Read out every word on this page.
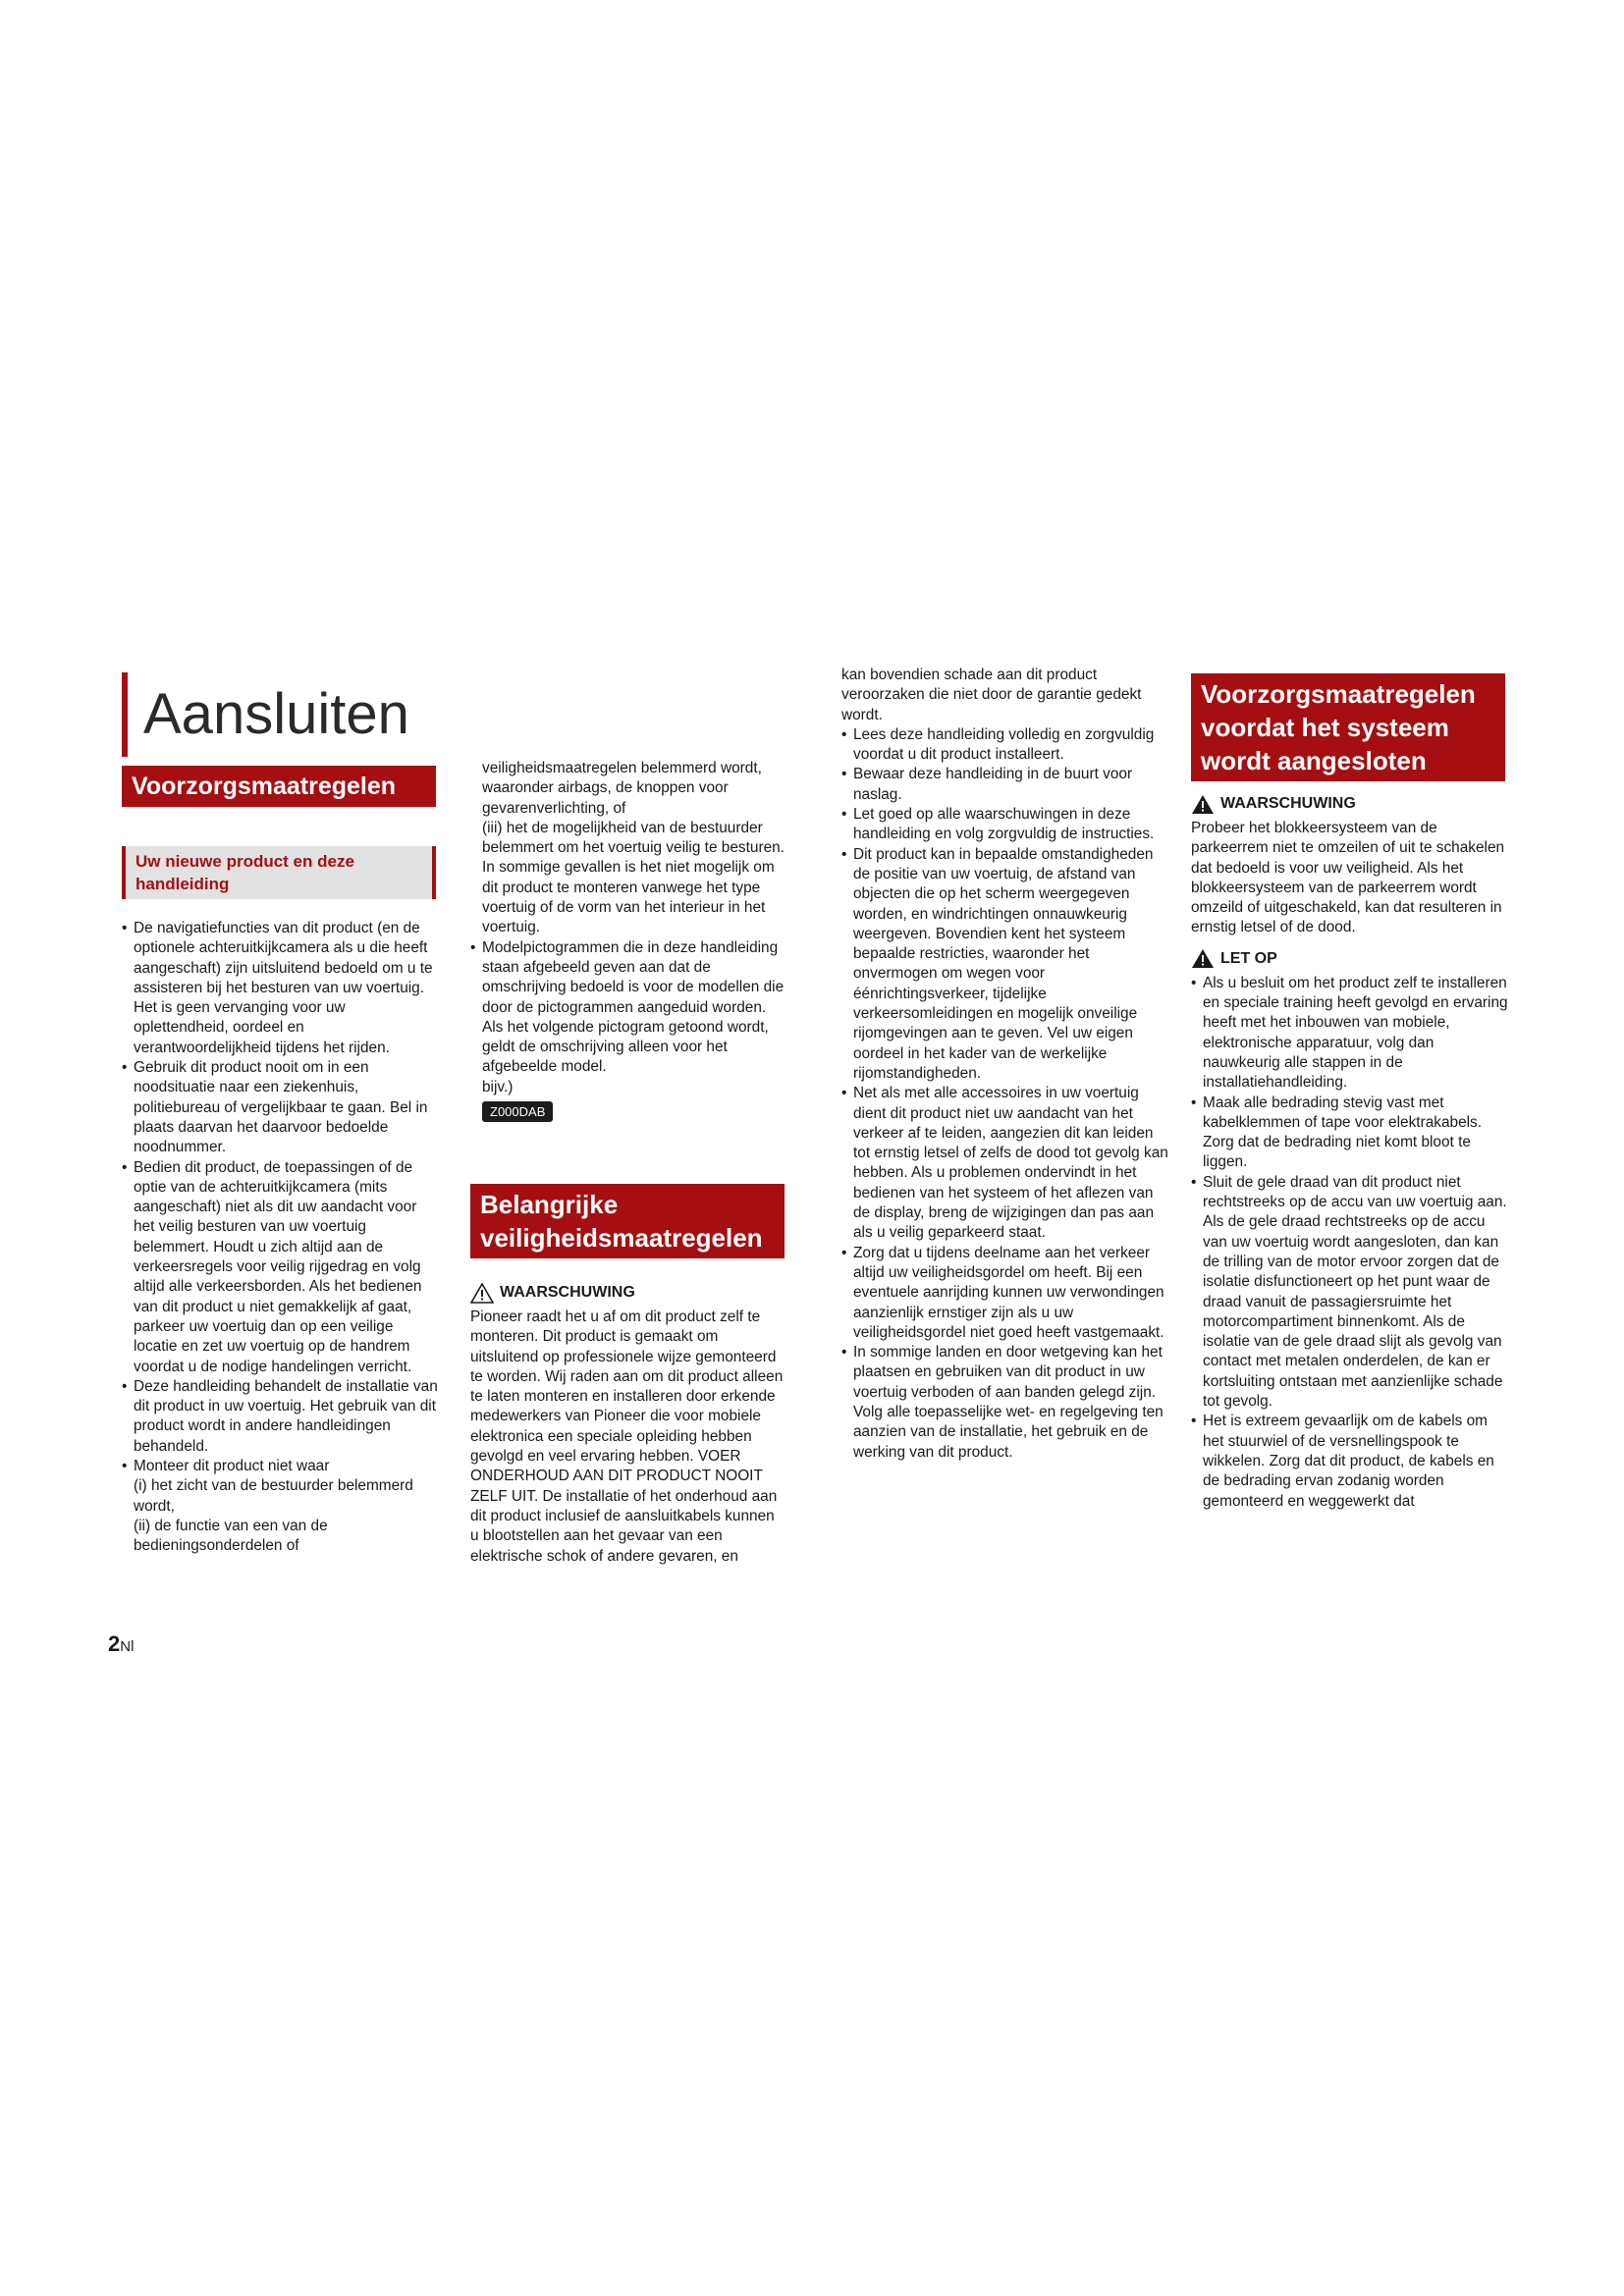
Aansluiten
Voorzorgsmaatregelen
Uw nieuwe product en deze handleiding
• De navigatiefuncties van dit product (en de optionele achteruitkijkcamera als u die heeft aangeschaft) zijn uitsluitend bedoeld om u te assisteren bij het besturen van uw voertuig. Het is geen vervanging voor uw oplettendheid, oordeel en verantwoordelijkheid tijdens het rijden.
• Gebruik dit product nooit om in een noodsituatie naar een ziekenhuis, politiebureau of vergelijkbaar te gaan. Bel in plaats daarvan het daarvoor bedoelde noodnummer.
• Bedien dit product, de toepassingen of de optie van de achteruitkijkcamera (mits aangeschaft) niet als dit uw aandacht voor het veilig besturen van uw voertuig belemmert. Houdt u zich altijd aan de verkeersregels voor veilig rijgedrag en volg altijd alle verkeersborden. Als het bedienen van dit product u niet gemakkelijk af gaat, parkeer uw voertuig dan op een veilige locatie en zet uw voertuig op de handrem voordat u de nodige handelingen verricht.
• Deze handleiding behandelt de installatie van dit product in uw voertuig. Het gebruik van dit product wordt in andere handleidingen behandeld.
• Monteer dit product niet waar

(i) het zicht van de bestuurder belemmerd wordt,

(ii) de functie van een van de bedieningsonderdelen of

veiligheidsmaatregelen belemmerd wordt, waaronder airbags, de knoppen voor gevarenverlichting, of

(iii) het de mogelijkheid van de bestuurder belemmert om het voertuig veilig te besturen.

In sommige gevallen is het niet mogelijk om dit product te monteren vanwege het type voertuig of de vorm van het interieur in het voertuig.

• Modelpictogrammen die in deze handleiding staan afgebeeld geven aan dat de omschrijving bedoeld is voor de modellen die door de pictogrammen aangeduid worden. Als het volgende pictogram getoond wordt, geldt de omschrijving alleen voor het afgebeelde model.

bijv.)

Z000DAB
Belangrijke veiligheidsmaatregelen
WAARSCHUWING

Pioneer raadt het u af om dit product zelf te monteren. Dit product is gemaakt om uitsluitend op professionele wijze gemonteerd te worden. Wij raden aan om dit product alleen te laten monteren en installeren door erkende medewerkers van Pioneer die voor mobiele elektronica een speciale opleiding hebben gevolgd en veel ervaring hebben. VOER ONDERHOUD AAN DIT PRODUCT NOOIT ZELF UIT. De installatie of het onderhoud aan dit product inclusief de aansluitkabels kunnen u blootstellen aan het gevaar van een elektrische schok of andere gevaren, en

kan bovendien schade aan dit product veroorzaken die niet door de garantie gedekt wordt.

• Lees deze handleiding volledig en zorgvuldig voordat u dit product installeert.
• Bewaar deze handleiding in de buurt voor naslag.
• Let goed op alle waarschuwingen in deze handleiding en volg zorgvuldig de instructies.
• Dit product kan in bepaalde omstandigheden de positie van uw voertuig, de afstand van objecten die op het scherm weergegeven worden, en windrichtingen onnauwkeurig weergeven. Bovendien kent het systeem bepaalde restricties, waaronder het onvermogen om wegen voor éénrichtingsverkeer, tijdelijke verkeersomleidingen en mogelijk onveilige rijomgevingen aan te geven. Vel uw eigen oordeel in het kader van de werkelijke rijomstandigheden.
• Net als met alle accessoires in uw voertuig dient dit product niet uw aandacht van het verkeer af te leiden, aangezien dit kan leiden tot ernstig letsel of zelfs de dood tot gevolg kan hebben. Als u problemen ondervindt in het bedienen van het systeem of het aflezen van de display, breng de wijzigingen dan pas aan als u veilig geparkeerd staat.
• Zorg dat u tijdens deelname aan het verkeer altijd uw veiligheidsgordel om heeft. Bij een eventuele aanrijding kunnen uw verwondingen aanzienlijk ernstiger zijn als u uw veiligheidsgordel niet goed heeft vastgemaakt.
• In sommige landen en door wetgeving kan het plaatsen en gebruiken van dit product in uw voertuig verboden of aan banden gelegd zijn. Volg alle toepasselijke wet- en regelgeving ten aanzien van de installatie, het gebruik en de werking van dit product.
Voorzorgsmaatregelen voordat het systeem wordt aangesloten
WAARSCHUWING

Probeer het blokkeersysteem van de parkeerrem niet te omzeilen of uit te schakelen dat bedoeld is voor uw veiligheid. Als het blokkeersysteem van de parkeerrem wordt omzeild of uitgeschakeld, kan dat resulteren in ernstig letsel of de dood.

LET OP
• Als u besluit om het product zelf te installeren en speciale training heeft gevolgd en ervaring heeft met het inbouwen van mobiele, elektronische apparatuur, volg dan nauwkeurig alle stappen in de installatiehandleiding.
• Maak alle bedrading stevig vast met kabelklemmen of tape voor elektrakabels. Zorg dat de bedrading niet komt bloot te liggen.
• Sluit de gele draad van dit product niet rechtstreeks op de accu van uw voertuig aan. Als de gele draad rechtstreeks op de accu van uw voertuig wordt aangesloten, dan kan de trilling van de motor ervoor zorgen dat de isolatie disfunctioneert op het punt waar de draad vanuit de passagiersruimte het motorcompartiment binnenkomt. Als de isolatie van de gele draad slijt als gevolg van contact met metalen onderdelen, de kan er kortsluiting ontstaan met aanzienlijke schade tot gevolg.
• Het is extreem gevaarlijk om de kabels om het stuurwiel of de versnellingspook te wikkelen. Zorg dat dit product, de kabels en de bedrading ervan zodanig worden gemonteerd en weggewerkt dat
2Nl
